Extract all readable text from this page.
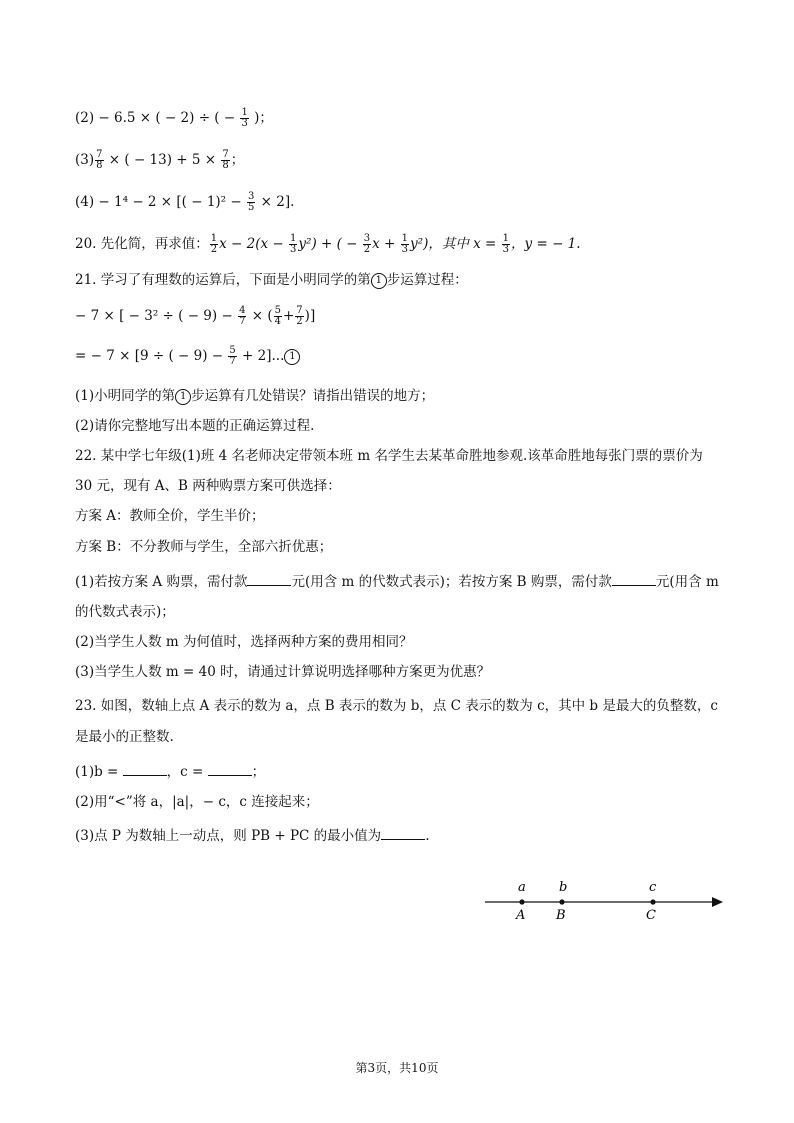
(2) − 6.5 × ( − 2) ÷ ( − $\frac{1}{3}$ )；
$(3) \frac{7}{8}$ × ( − $13) + 5 \times \frac{7}{8}$ ；
(4) − 1⁴ − 2 × [( − $1)^2 - \frac{3}{5} \times 2$].
20. 先化简，再求值： $\frac{1}{2}$ $x - 2(x - \frac{1}{3} y^2)$ + ( − $\frac{3}{2}$ $x + \frac{1}{3} y^2$)，其中 $x = \frac{1}{3}$ ，y = − 1.
21. 学习了有理数的运算后，下面是小明同学的第 1 步运算过程：
− 7 × [ − 3² ÷ ( − $9) - \frac{4}{7}$ × ( $\frac{5}{4} + \frac{7}{2}$ )]
= − 7 × [9 ÷ ( − $9) - \frac{5}{7} + 2$]... 1
(1)小明同学的第 1 步运算有几处错误？请指出错误的地方；
(2)请你完整地写出本题的正确运算过程.
22. 某中学七年级(1)班 4 名老师决定带领本班 m 名学生去某革命胜地参观.该革命胜地每张门票的票价为
30 元，现有 A、B 两种购票方案可供选择：
方案 A：教师全价，学生半价；
方案 B：不分教师与学生，全部六折优惠；
(1)若按方案 A 购票，需付款	元(用含 m 的代数式表示)；若按方案 B 购票，需付款	元(用含 m
的代数式表示)；
(2)当学生人数 m 为何值时，选择两种方案的费用相同？
(3)当学生人数 m = 40 时，请通过计算说明选择哪种方案更为优惠？
23. 如图，数轴上点 A 表示的数为 a，点 B 表示的数为 b，点 C 表示的数为 c，其中 b 是最大的负整数，c
是最小的正整数.
(1)b =	，c =	；
(2)用“<”将 a，|a|，− c，c 连接起来；
(3)点 P 为数轴上一动点，则 PB + PC 的最小值为	.
a	b	c
A B	C
第3页，共10页
